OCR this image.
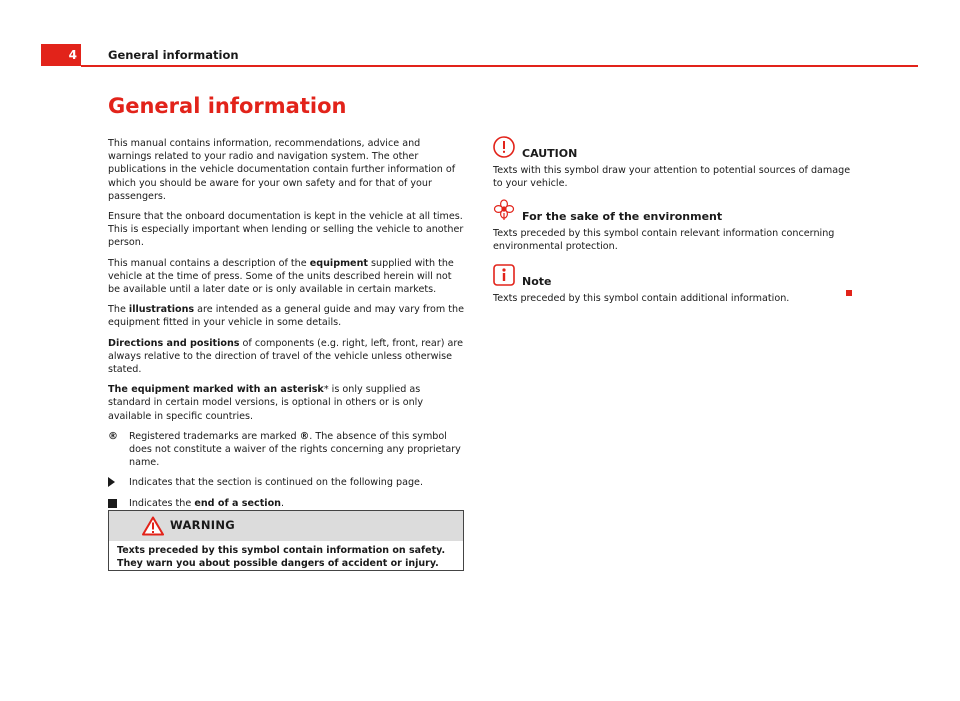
4	General information
General information

This manual contains information, recommendations, advice and warnings related to your radio and navigation system. The other publications in the vehicle documentation contain further information of which you should be aware for your own safety and for that of your passengers.

Ensure that the onboard documentation is kept in the vehicle at all times. This is especially important when lending or selling the vehicle to another person.

This manual contains a description of the equipment supplied with the vehicle at the time of press. Some of the units described herein will not be available until a later date or is only available in certain markets.

The illustrations are intended as a general guide and may vary from the equipment fitted in your vehicle in some details.

Directions and positions of components (e.g. right, left, front, rear) are always relative to the direction of travel of the vehicle unless otherwise stated.

The equipment marked with an asterisk* is only supplied as standard in certain model versions, is optional in others or is only available in specific countries.

®	Registered trademarks are marked ®. The absence of this symbol does not constitute a waiver of the rights concerning any proprietary name.
Indicates that the section is continued on the following page.
Indicates the end of a section.
WARNING
Texts preceded by this symbol contain information on safety. They warn you about possible dangers of accident or injury.
CAUTION

Texts with this symbol draw your attention to potential sources of damage to your vehicle.

For the sake of the environment

Texts preceded by this symbol contain relevant information concerning environmental protection.

Note

Texts preceded by this symbol contain additional information.
